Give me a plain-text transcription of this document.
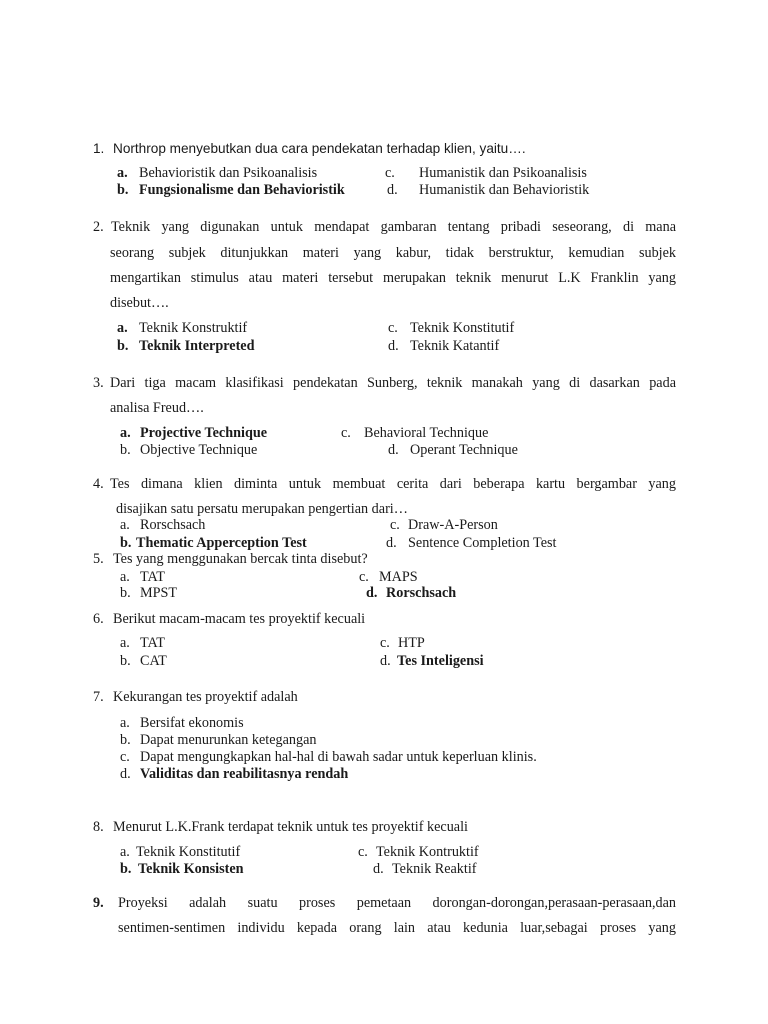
1. Northrop menyebutkan dua cara pendekatan terhadap klien, yaitu….
a. Behavioristik dan Psikoanalisis	c. Humanistik dan Psikoanalisis
b. Fungsionalisme dan Behavioristik	d. Humanistik dan Behavioristik
2. Teknik yang digunakan untuk mendapat gambaran tentang pribadi seseorang, di mana
seorang subjek ditunjukkan materi yang kabur, tidak berstruktur, kemudian subjek
mengartikan stimulus atau materi tersebut merupakan teknik menurut L.K Franklin yang
disebut….
a. Teknik Konstruktif	c. Teknik Konstitutif
b. Teknik Interpreted	d. Teknik Katantif
3. Dari tiga macam klasifikasi pendekatan Sunberg, teknik manakah yang di dasarkan pada
analisa Freud….
a. Projective Technique	c. Behavioral Technique
b. Objective Technique	d. Operant Technique
4. Tes dimana klien diminta untuk membuat cerita dari beberapa kartu bergambar yang
disajikan satu persatu merupakan pengertian dari…
a. Rorschsach	c. Draw-A-Person
b. Thematic Apperception Test	d. Sentence Completion Test
5. Tes yang menggunakan bercak tinta disebut?
a. TAT	c. MAPS
b. MPST	d. Rorschsach
6. Berikut macam-macam tes proyektif kecuali
a. TAT	c. HTP
b. CAT	d. Tes Inteligensi
7. Kekurangan tes proyektif adalah
a. Bersifat ekonomis
b. Dapat menurunkan ketegangan
c. Dapat mengungkapkan hal-hal di bawah sadar untuk keperluan klinis.
d. Validitas dan reabilitasnya rendah
8. Menurut L.K.Frank terdapat teknik untuk tes proyektif kecuali
a. Teknik Konstitutif	c. Teknik Kontruktif
b. Teknik Konsisten	d. Teknik Reaktif
9. Proyeksi adalah suatu proses pemetaan dorongan-dorongan,perasaan-perasaan,dan
sentimen-sentimen individu kepada orang lain atau kedunia luar,sebagai proses yang
